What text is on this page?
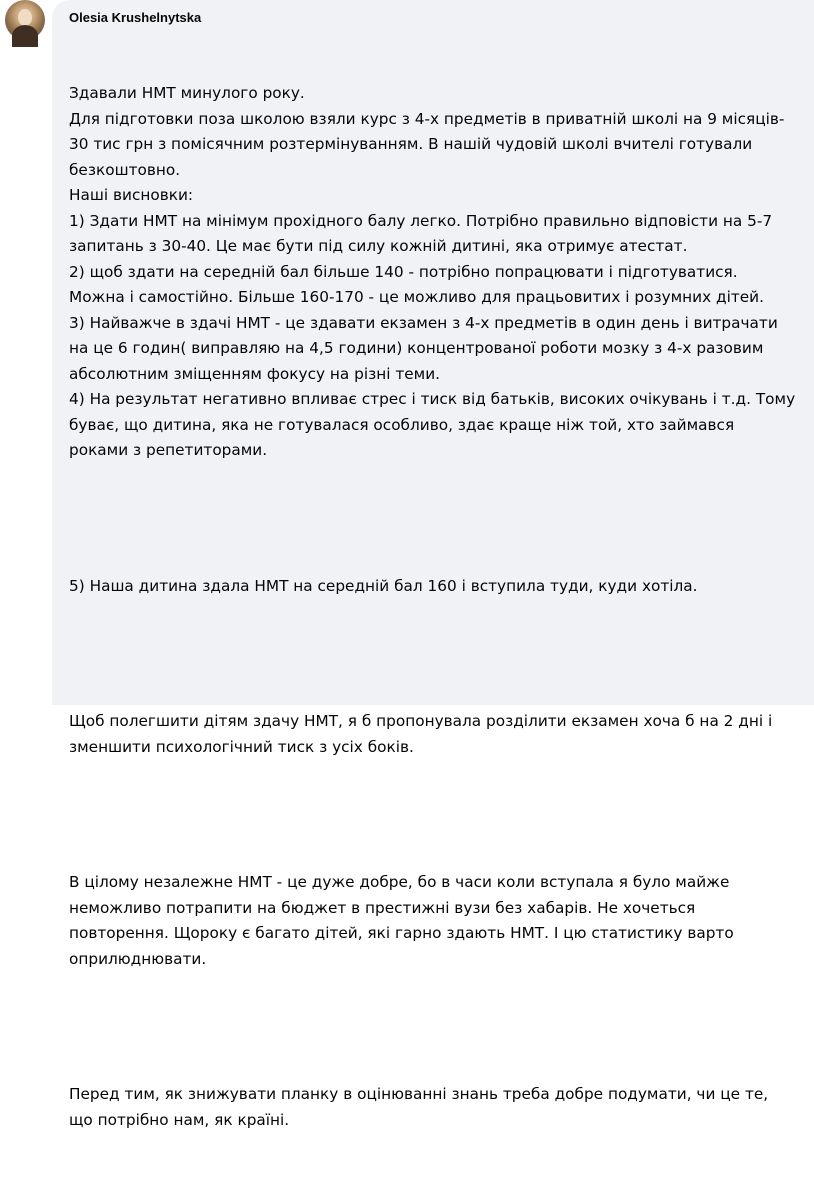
Olesia Krushelnytska

Здавали НМТ минулого року.
Для підготовки поза школою взяли курс з 4-х предметів в приватній школі на 9 місяців- 30 тис грн з помісячним розтермінуванням. В нашій чудовій школі вчителі готували безкоштовно.
Наші висновки:
1) Здати НМТ на мінімум прохідного балу легко. Потрібно правильно відповісти на 5-7 запитань з 30-40. Це має бути під силу кожній дитині, яка отримує атестат.
2) щоб здати на середній бал більше 140 - потрібно попрацювати і підготуватися. Можна і самостійно. Більше 160-170 - це можливо для працьовитих і розумних дітей.
3) Найважче в здачі НМТ - це здавати екзамен з 4-х предметів в один день і витрачати на це 6 годин( виправляю на 4,5 години) концентрованої роботи мозку з 4-х разовим абсолютним зміщенням фокусу на різні теми.
4) На результат негативно впливає стрес і тиск від батьків, високих очікувань і т.д. Тому буває, що дитина, яка не готувалася особливо, здає краще ніж той, хто займався роками з репетиторами.

5) Наша дитина здала НМТ на середній бал 160 і вступила туди, куди хотіла.

Щоб полегшити дітям здачу НМТ, я б пропонувала розділити екзамен хоча б на 2 дні і зменшити психологічний тиск з усіх боків.

В цілому незалежне НМТ - це дуже добре, бо в часи коли вступала я було майже неможливо потрапити на бюджет в престижні вузи без хабарів. Не хочеться повторення. Щороку є багато дітей, які гарно здають НМТ. І цю статистику варто оприлюднювати.

Перед тим, як знижувати планку в оцінюванні знань треба добре подумати, чи це те, що потрібно нам, як країні.
